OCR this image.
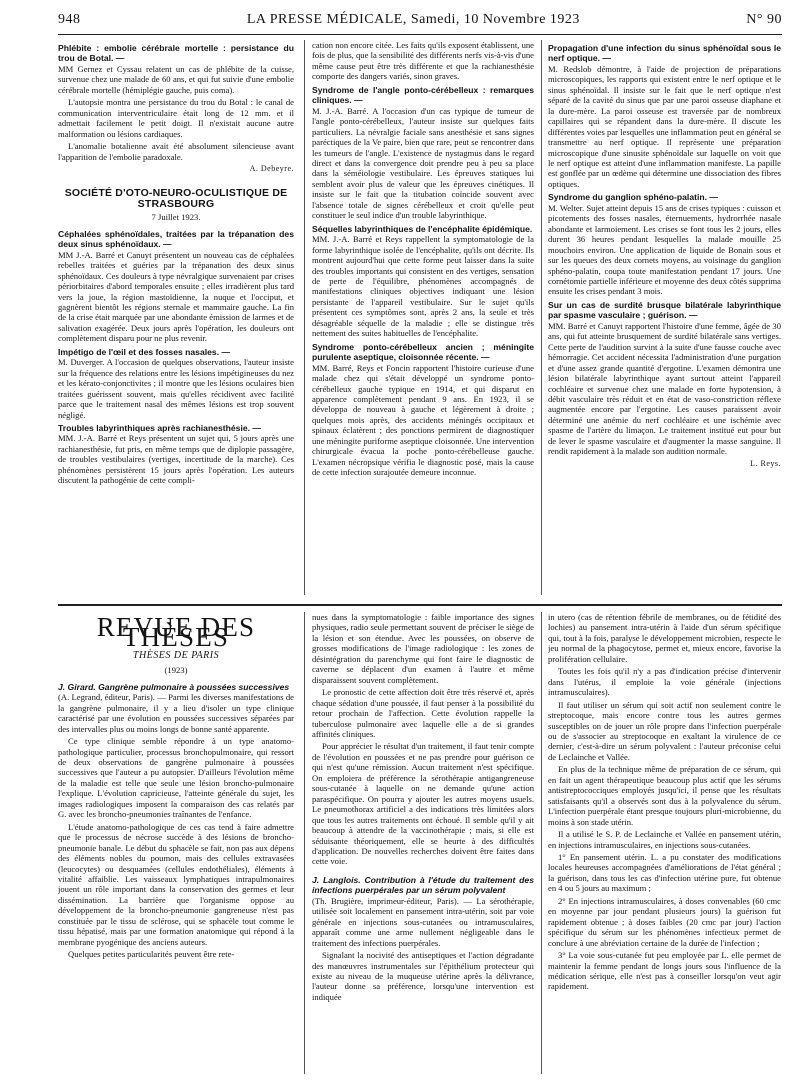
948	LA PRESSE MÉDICALE, Samedi, 10 Novembre 1923	N° 90
Phlébite : embolie cérébrale mortelle : persistance du trou de Botal. —

MM Gernez et Cyssau relatent un cas de phlébite de la cuisse, survenue chez une malade de 60 ans, et qui fut suivie d'une embolie cérébrale mortelle (hémiplégie gauche, puis coma).

L'autopsie montra une persistance du trou du Botal : le canal de communication interventriculaire était long de 12 mm. et il admettait facilement le petit doigt. Il n'existait aucune autre malformation ou lésions cardiaques.

L'anomalie botalienne avait été absolument silencieuse avant l'apparition de l'embolie paradoxale.

A. Debeyre.
SOCIÉTÉ D'OTO-NEURO-OCULISTIQUE DE STRASBOURG
7 Juillet 1923.
Céphalées sphénoïdales, traitées par la trépanation des deux sinus sphénoïdaux. —

MM J.-A. Barré et Canuyt présentent un nouveau cas de céphalées rebelles traitées et guéries par la trépanation des deux sinus sphénoïdaux. Ces douleurs à type névralgique survenaient par crises périorbitaires d'abord temporales ensuite ; elles irradièrent plus tard vers la joue, la région mastoïdienne, la nuque et l'occiput, et gagnèrent bientôt les régions sternale et mammaire gauche. La fin de la crise était marquée par une abondante émission de larmes et de salivation exagérée. Deux jours après l'opération, les douleurs ont complètement disparu pour ne plus revenir.

Impétigo de l'œil et des fosses nasales. —

M. Duverger. A l'occasion de quelques observations, l'auteur insiste sur la fréquence des relations entre les lésions impétigineuses du nez et les kérato-conjonctivites ; il montre que les lésions oculaires bien traitées guérissent souvent, mais qu'elles récidivent avec facilité parce que le traitement nasal des mêmes lésions est trop souvent négligé.

Troubles labyrinthiques après rachianesthésie. —

MM. J.-A. Barré et Reys présentent un sujet qui, 5 jours après une rachianesthésie, fut pris, en même temps que de diplopie passagère, de troubles vestibulaires (vertiges, incertitude de la marche). Ces phénomènes persistèrent 15 jours après l'opération. Les auteurs discutent la pathogénie de cette compli-

cation non encore citée. Les faits qu'ils exposent établissent, une fois de plus, que la sensibilité des différents nerfs vis-à-vis d'une même cause peut être très différente et que la rachianesthésie comporte des dangers variés, sinon graves.

Syndrome de l'angle ponto-cérébelleux : remarques cliniques. —

M. J.-A. Barré. A l'occasion d'un cas typique de tumeur de l'angle ponto-cérébelleux, l'auteur insiste sur quelques faits particuliers. La névralgie faciale sans anesthésie et sans signes paréctiques de la Ve paire, bien que rare, peut se rencontrer dans les tumeurs de l'angle. L'existence de nystagmus dans le regard direct et dans la convergence doit prendre peu à peu sa place dans la séméiologie vestibulaire. Les épreuves statiques lui semblent avoir plus de valeur que les épreuves cinétiques. Il insiste sur le fait que la titubation coïncide souvent avec l'absence totale de signes cérébelleux et croit qu'elle peut constituer le seul indice d'un trouble labyrinthique.

Séquelles labyrinthiques de l'encéphalite épidémique.

MM. J.-A. Barré et Reys rappellent la symptomatologie de la forme labyrinthique isolée de l'encéphalite, qu'ils ont décrite. Ils montrent aujourd'hui que cette forme peut laisser dans la suite des troubles importants qui consistent en des vertiges, sensation de perte de l'équilibre, phénomènes accompagnés de manifestations cliniques objectives indiquant une lésion persistante de l'appareil vestibulaire. Sur le sujet qu'ils présentent ces symptômes sont, après 2 ans, la seule et très désagréable séquelle de la maladie ; elle se distingue très nettement des suites habituelles de l'encéphalite.

Syndrome ponto-cérébelleux ancien ; méningite purulente aseptique, cloisonnée récente. —

MM. Barré, Reys et Foncin rapportent l'histoire curieuse d'une malade chez qui s'était développé un syndrome ponto-cérébelleux gauche typique en 1914, et qui disparut en apparence complètement pendant 9 ans. En 1923, il se développa de nouveau à gauche et légèrement à droite ; quelques mois après, des accidents méningés occipitaux et spinaux éclatèrent ; des ponctions permirent de diagnostiquer une méningite puriforme aseptique cloisonnée. Une intervention chirurgicale évacua la poche ponto-cérébelleuse gauche. L'examen nécropsique vérifia le diagnostic posé, mais la cause de cette infection surajoutée demeure inconnue.

Propagation d'une infection du sinus sphénoïdal sous le nerf optique. —

M. Redslob démontre, à l'aide de projection de préparations microscopiques, les rapports qui existent entre le nerf optique et le sinus sphénoïdal. Il insiste sur le fait que le nerf optique n'est séparé de la cavité du sinus que par une paroi osseuse diaphane et la dure-mère. La paroi osseuse est traversée par de nombreux capillaires qui se répandent dans la dure-mère. Il discute les différentes voies par lesquelles une inflammation peut en général se transmettre au nerf optique. Il représente une préparation microscopique d'une sinusite sphénoïdale sur laquelle on voit que le nerf optique est atteint d'une inflammation manifeste. La papille est gonflée par un œdème qui détermine une dissociation des fibres optiques.

Syndrome du ganglion sphéno-palatin. —

M. Welter. Sujet atteint depuis 15 ans de crises typiques : cuisson et picotements des fosses nasales, éternuements, hydrorrhée nasale abondante et larmoiement. Les crises se font tous les 2 jours, elles durent 36 heures pendant lesquelles la malade mouille 25 mouchoirs environ. Une application de liquide de Bonain sous et sur les queues des deux cornets moyens, au voisinage du ganglion sphéno-palatin, coupa toute manifestation pendant 17 jours. Une cornétomie partielle inférieure et moyenne des deux côtés supprima ensuite les crises pendant 3 mois.

Sur un cas de surdité brusque bilatérale labyrinthique par spasme vasculaire ; guérison. —

MM. Barré et Canuyt rapportent l'histoire d'une femme, âgée de 30 ans, qui fut atteinte brusquement de surdité bilatérale sans vertiges. Cette perte de l'audition survint à la suite d'une fausse couche avec hémorragie. Cet accident nécessita l'administration d'une purgation et d'une assez grande quantité d'ergotine. L'examen démontra une lésion bilatérale labyrinthique ayant surtout atteint l'appareil cochléaire et survenue chez une malade en forte hypotension, à débit vasculaire très réduit et en état de vaso-constriction réflexe augmentée encore par l'ergotine. Les causes paraissent avoir déterminé une anémie du nerf cochléaire et une ischémie avec spasme de l'artère du limaçon. Le traitement institué eut pour but de lever le spasme vasculaire et d'augmenter la masse sanguine. Il rendit rapidement à la malade son audition normale.

L. Reys.
REVUE DES THÈSES
THÈSES DE PARIS
(1923)
J. Girard. Gangrène pulmonaire à poussées successives

(A. Legrand, éditeur, Paris). — Parmi les diverses manifestations de la gangrène pulmonaire, il y a lieu d'isoler un type clinique caractérisé par une évolution en poussées successives séparées par des intervalles plus ou moins longs de bonne santé apparente.

Ce type clinique semble répondre à un type anatomo-pathologique particulier, processus bronchopulmonaire, qui ressort de deux observations de gangrène pulmonaire à poussées successives que l'auteur a pu autopsier. D'ailleurs l'évolution même de la maladie est telle que seule une lésion broncho-pulmonaire l'explique. L'évolution capricieuse, l'atteinte générale du sujet, les images radiologiques imposent la comparaison des cas relatés par G. avec les broncho-pneumonies traînantes de l'enfance.

L'étude anatomo-pathologique de ces cas tend à faire admettre que le processus de nécrose succède à des lésions de broncho-pneumonie banale. Le début du sphacèle se fait, non pas aux dépens des éléments nobles du poumon, mais des cellules extravasées (leucocytes) ou desquamées (cellules endothéliales), éléments à vitalité affaiblie. Les vaisseaux lymphatiques intrapulmonaires jouent un rôle important dans la conservation des germes et leur dissémination. La barrière que l'organisme oppose au développement de la broncho-pneumonie gangreneuse n'est pas constituée par le tissu de sclérose, qui se sphacèle tout comme le tissu hépatisé, mais par une formation anatomique qui répond à la membrane pyogénique des anciens auteurs.

Quelques petites particularités peuvent être rete-

nues dans la symptomatologie : faible importance des signes physiques, radio seule permettant souvent de préciser le siège de la lésion et son étendue. Avec les poussées, on observe de grosses modifications de l'image radiologique : les zones de désintégration du parenchyme qui font faire le diagnostic de caverne se déplacent d'un examen à l'autre et même disparaissent souvent complètement.

Le pronostic de cette affection doit être très réservé et, après chaque sédation d'une poussée, il faut penser à la possibilité du retour prochain de l'affection. Cette évolution rappelle la tuberculose pulmonaire avec laquelle elle a de si grandes affinités cliniques.

Pour apprécier le résultat d'un traitement, il faut tenir compte de l'évolution en poussées et ne pas prendre pour guérison ce qui n'est qu'une rémission. Aucun traitement n'est spécifique. On emploiera de préférence la sérothérapie antigangreneuse sous-cutanée à laquelle on ne demande qu'une action paraspécifique. On pourra y ajouter les autres moyens usuels. Le pneumothorax artificiel a des indications très limitées alors que tous les autres traitements ont échoué. Il semble qu'il y ait beaucoup à attendre de la vaccinothérapie ; mais, si elle est séduisante théoriquement, elle se heurte à des difficultés d'application. De nouvelles recherches doivent être faites dans cette voie.

J. Langlois. Contribution à l'étude du traitement des infections puerpérales par un sérum polyvalent

(Th. Brugière, imprimeur-éditeur, Paris). — La sérothérapie, utilisée soit localement en pansement intra-utérin, soit par voie générale en injections sous-cutanées ou intramusculaires, apparaît comme une arme nullement négligeable dans le traitement des infections puerpérales.

Signalant la nocivité des antiseptiques et l'action dégradante des manœuvres instrumentales sur l'épithélium protecteur qui existe au niveau de la muqueuse utérine après la délivrance, l'auteur donne sa préférence, lorsqu'une intervention est indiquée

in utero (cas de rétention fébrile de membranes, ou de fétidité des lochies) au pansement intra-utérin à l'aide d'un sérum spécifique qui, tout à la fois, paralyse le développement microbien, respecte le jeu normal de la phagocytose, permet et, mieux encore, favorise la prolifération cellulaire.

Toutes les fois qu'il n'y a pas d'indication précise d'intervenir dans l'utérus, il emploie la voie générale (injections intramusculaires).

Il faut utiliser un sérum qui soit actif non seulement contre le streptocoque, mais encore contre tous les autres germes susceptibles on de jouer un rôle propre dans l'infection puerpérale ou de s'associer au streptocoque en exaltant la virulence de ce dernier, c'est-à-dire un sérum polyvalent : l'auteur préconise celui de Leclainche et Vallée.

En plus de la technique même de préparation de ce sérum, qui en fait un agent thérapeutique beaucoup plus actif que les sérums antistreptococciques employés jusqu'ici, il pense que les résultats satisfaisants qu'il a observés sont dus à la polyvalence du sérum. L'infection puerpérale étant presque toujours pluri-microbienne, du moins à son stade utérin.

Il a utilisé le S. P. de Leclainche et Vallée en pansement utérin, en injections intramusculaires, en injections sous-cutanées.

1° En pansement utérin. L. a pu constater des modifications locales heureuses accompagnées d'améliorations de l'état général ; la guérison, dans tous les cas d'infection utérine pure, fut obtenue en 4 ou 5 jours au maximum ;

2° En injections intramusculaires, à doses convenables (60 cmc en moyenne par jour pendant plusieurs jours) la guérison fut rapidement obtenue ; à doses faibles (20 cmc par jour) l'action spécifique du sérum sur les phénomènes infectieux permet de conclure à une abréviation certaine de la durée de l'infection ;

3° La voie sous-cutanée fut peu employée par L. elle permet de maintenir la femme pendant de longs jours sous l'influence de la médication sérique, elle n'est pas à conseiller lorsqu'on veut agir rapidement.
